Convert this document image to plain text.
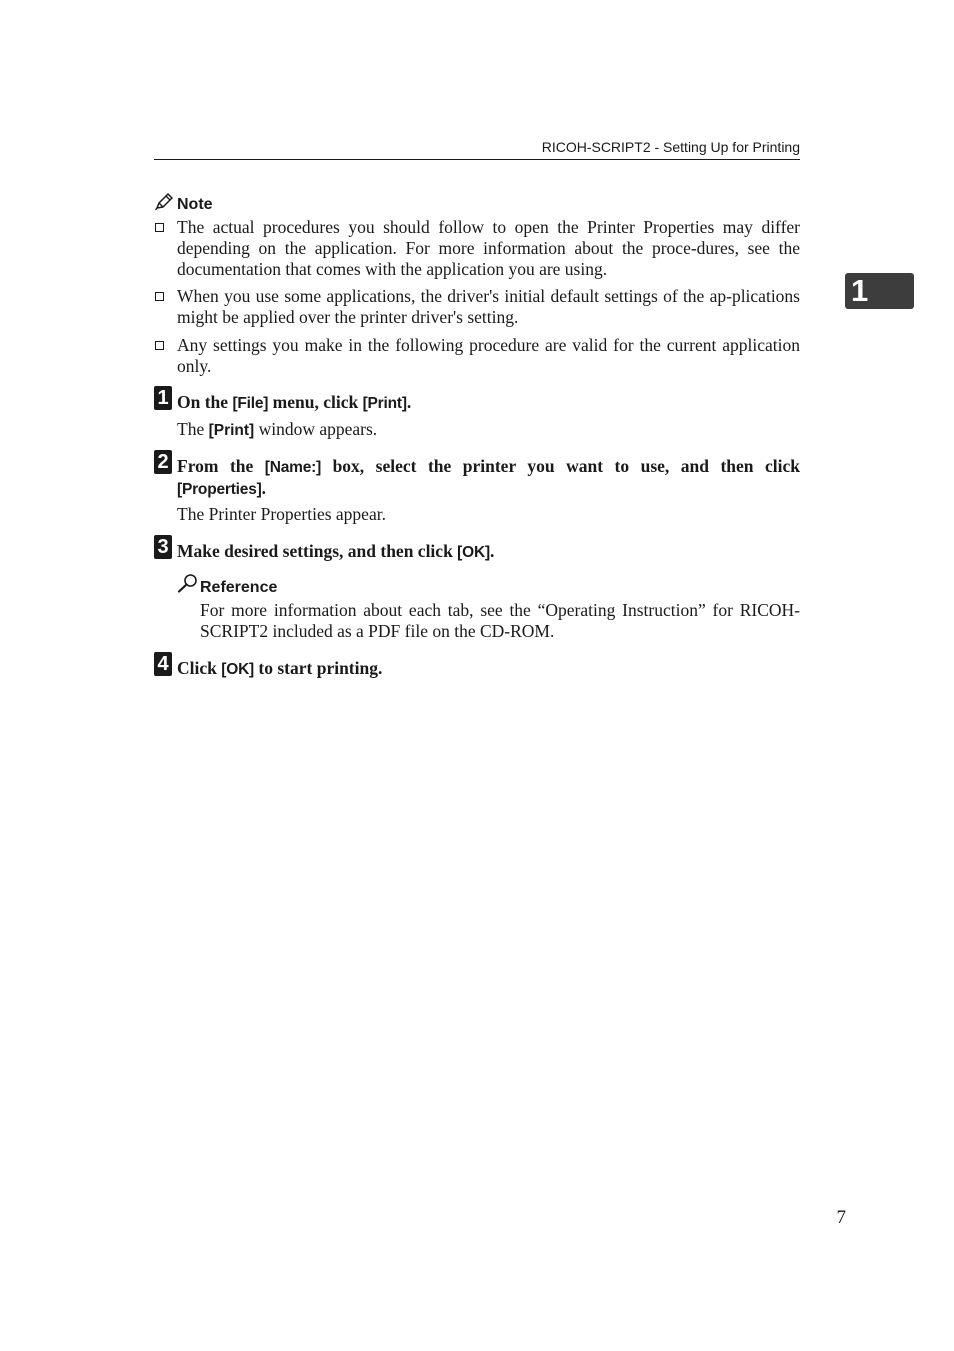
RICOH-SCRIPT2 - Setting Up for Printing
1
Note
The actual procedures you should follow to open the Printer Properties may differ depending on the application. For more information about the proce-dures, see the documentation that comes with the application you are using.
When you use some applications, the driver's initial default settings of the ap-plications might be applied over the printer driver's setting.
Any settings you make in the following procedure are valid for the current application only.
1 On the [File] menu, click [Print].
The [Print] window appears.
2 From the [Name:] box, select the printer you want to use, and then click [Properties].
The Printer Properties appear.
3 Make desired settings, and then click [OK].
Reference
For more information about each tab, see the “Operating Instruction” for RICOH-SCRIPT2 included as a PDF file on the CD-ROM.
4 Click [OK] to start printing.
7
